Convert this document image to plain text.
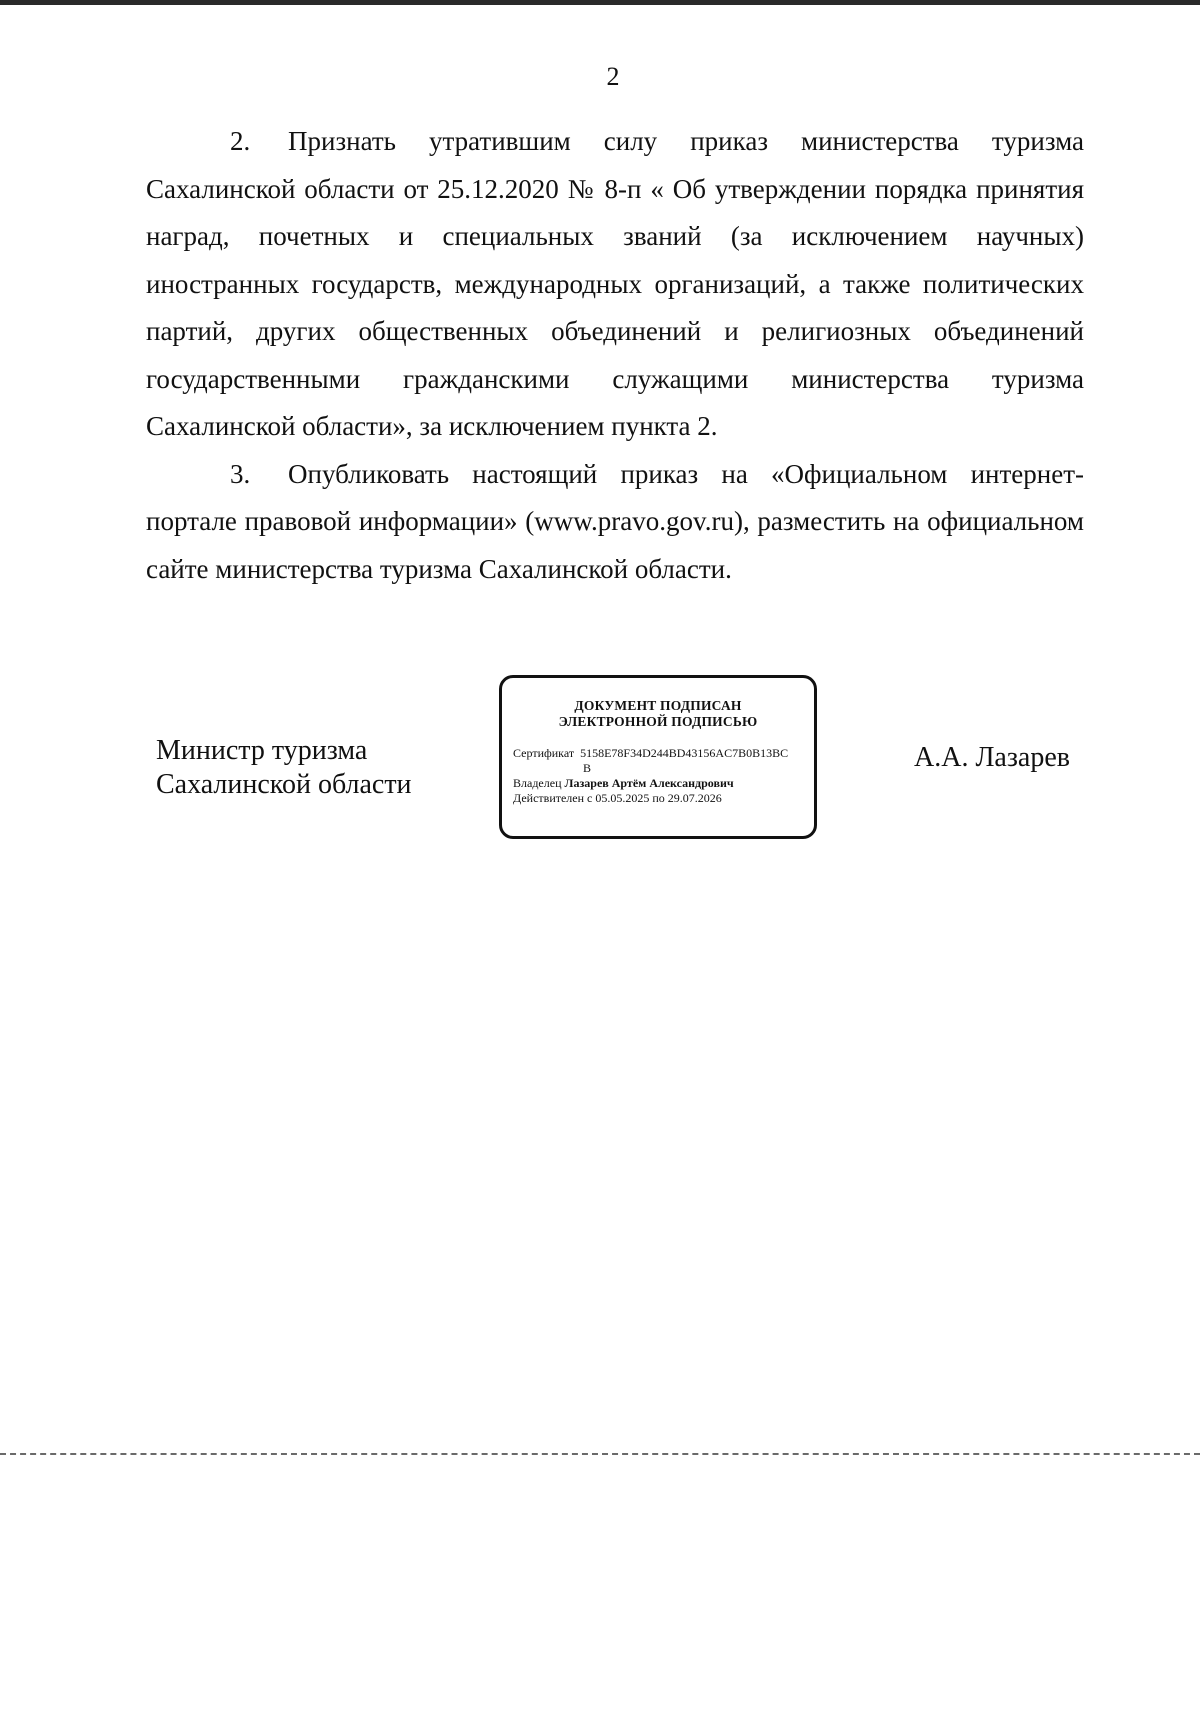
2

2. Признать утратившим силу приказ министерства туризма Сахалинской области от 25.12.2020 № 8-п « Об утверждении порядка принятия наград, почетных и специальных званий (за исключением научных) иностранных государств, международных организаций, а также политических партий, других общественных объединений и религиозных объединений государственными гражданскими служащими министерства туризма Сахалинской области», за исключением пункта 2.

3. Опубликовать настоящий приказ на «Официальном интернет-портале правовой информации» (www.pravo.gov.ru), разместить на официальном сайте министерства туризма Сахалинской области.

Министр туризма
Сахалинской области
ДОКУМЕНТ ПОДПИСАН
ЭЛЕКТРОННОЙ ПОДПИСЬЮ
Сертификат 5158E78F34D244BD43156AC7B0B13BC
B
Владелец Лазарев Артём Александрович
Действителен с 05.05.2025 по 29.07.2026
А.А. Лазарев
